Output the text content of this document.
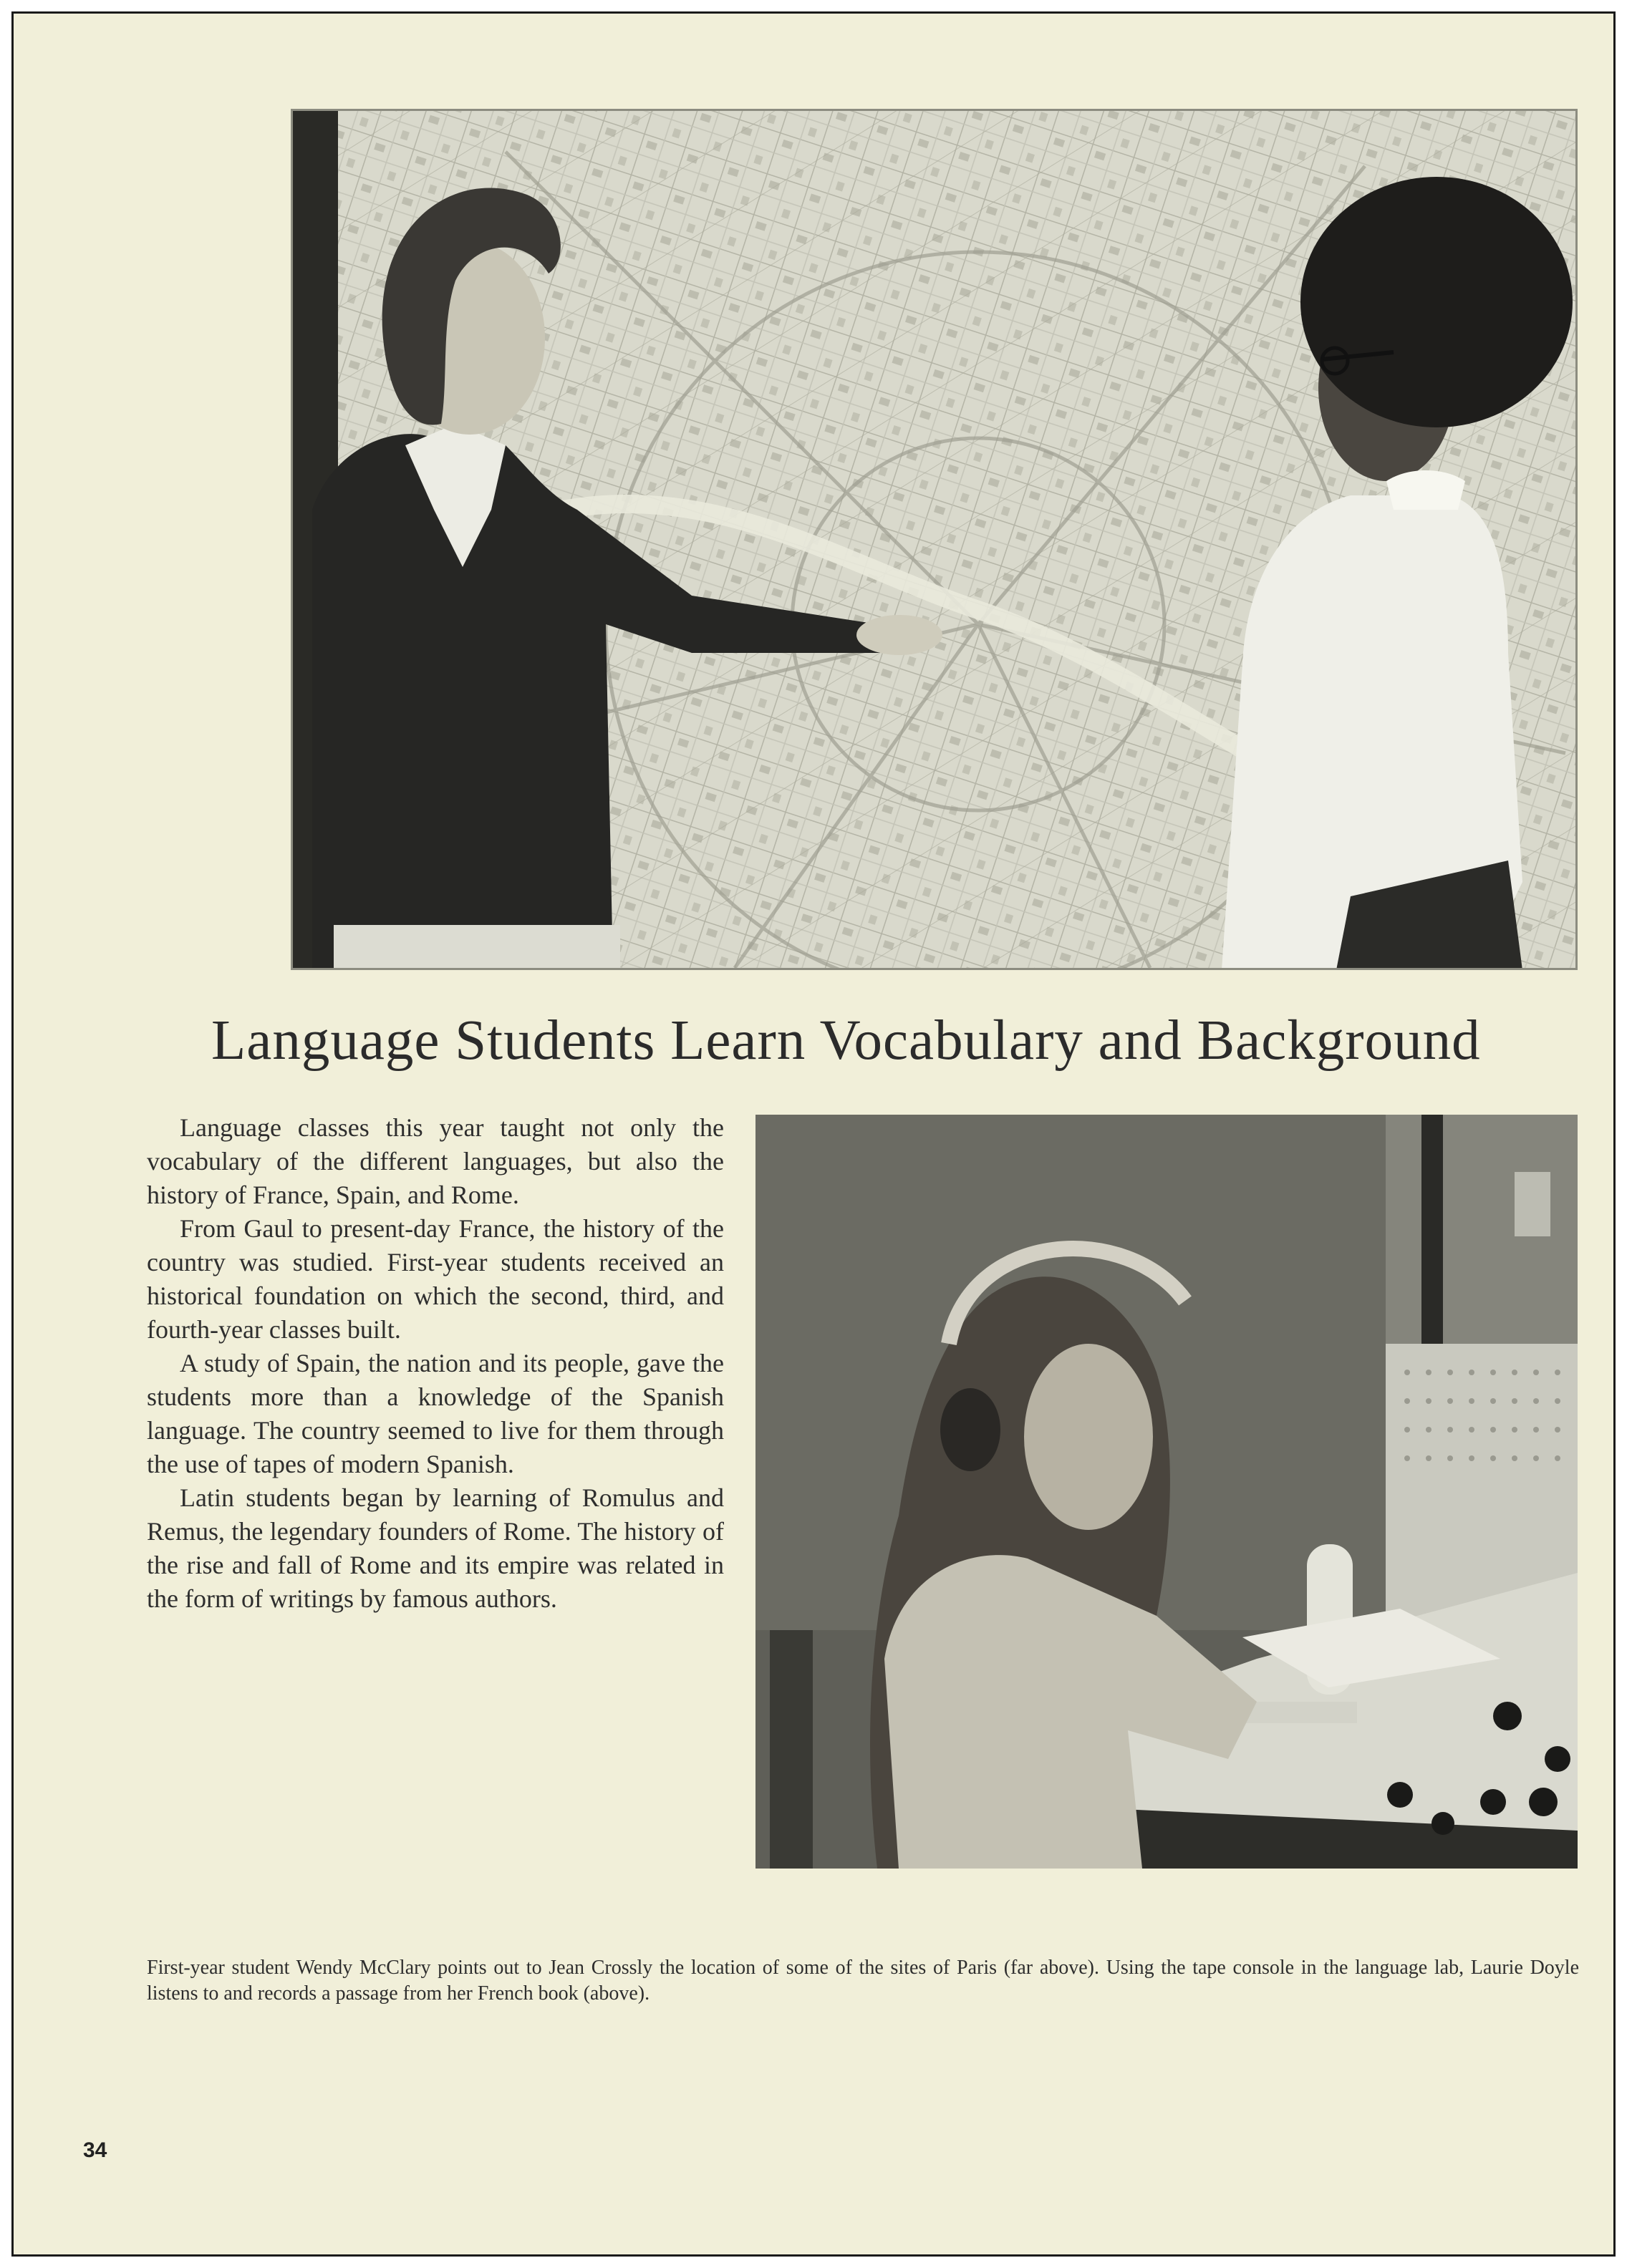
Language Students Learn Vocabulary and Background

Language classes this year taught not only the vocabulary of the different languages, but also the history of France, Spain, and Rome.

From Gaul to present-day France, the history of the country was studied. First-year students received an historical foundation on which the second, third, and fourth-year classes built.

A study of Spain, the nation and its people, gave the students more than a knowledge of the Spanish language. The country seemed to live for them through the use of tapes of modern Spanish.

Latin students began by learning of Romulus and Remus, the legendary founders of Rome. The history of the rise and fall of Rome and its empire was related in the form of writings by famous authors.

First-year student Wendy McClary points out to Jean Crossly the location of some of the sites of Paris (far above). Using the tape console in the language lab, Laurie Doyle listens to and records a passage from her French book (above).

34
